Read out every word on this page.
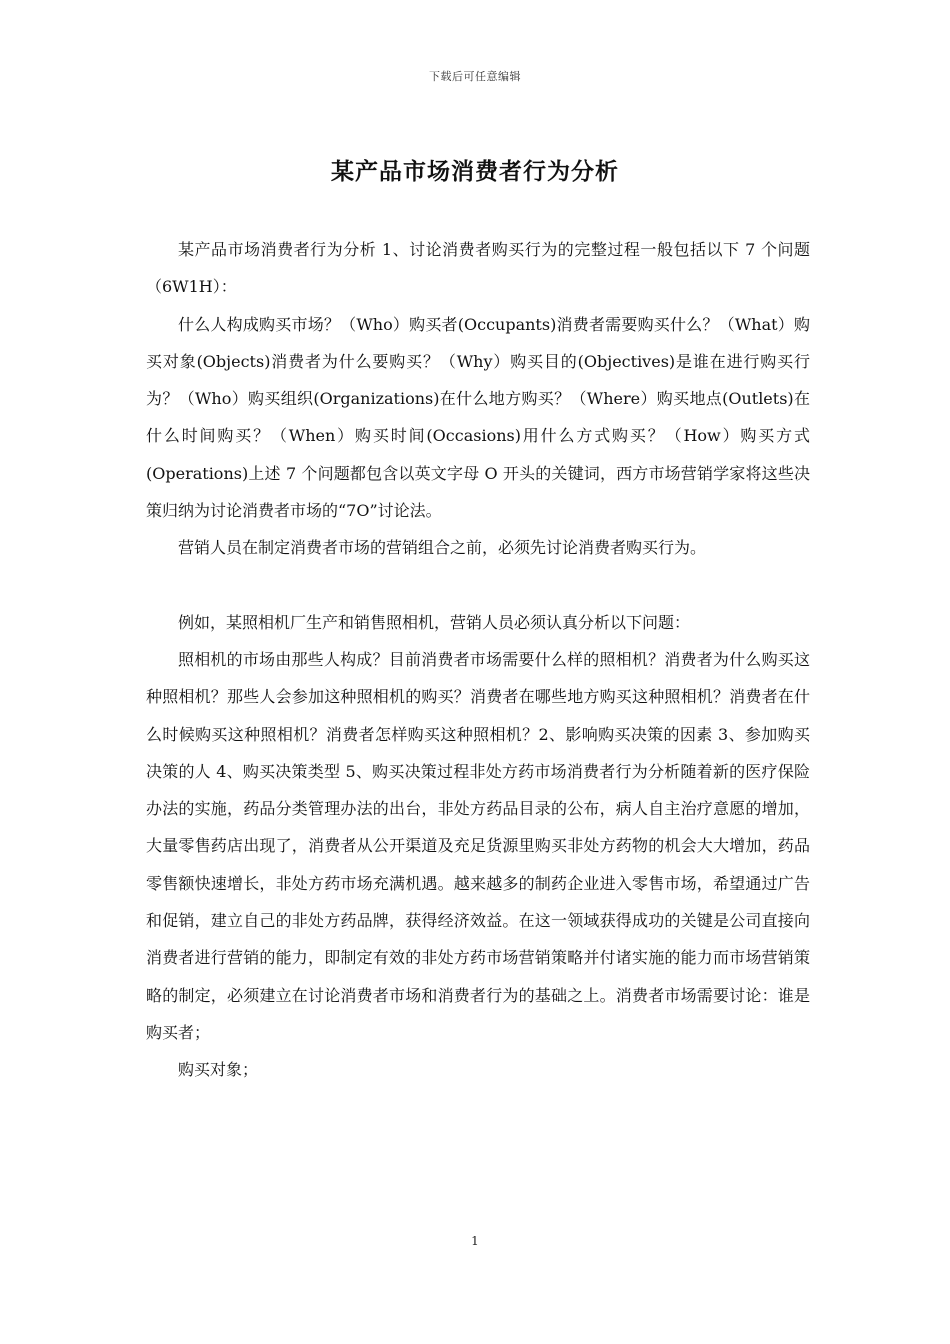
下载后可任意编辑
某产品市场消费者行为分析

某产品市场消费者行为分析 1、讨论消费者购买行为的完整过程一般包括以下 7 个问题（6W1H）：

什么人构成购买市场？（Who）购买者(Occupants)消费者需要购买什么？（What）购买对象(Objects)消费者为什么要购买？（Why）购买目的(Objectives)是谁在进行购买行为？（Who）购买组织(Organizations)在什么地方购买？（Where）购买地点(Outlets)在什么时间购买？（When）购买时间(Occasions)用什么方式购买？（How）购买方式(Operations)上述 7 个问题都包含以英文字母 O 开头的关键词，西方市场营销学家将这些决策归纳为讨论消费者市场的“7O”讨论法。

营销人员在制定消费者市场的营销组合之前，必须先讨论消费者购买行为。

例如，某照相机厂生产和销售照相机，营销人员必须认真分析以下问题：

照相机的市场由那些人构成？目前消费者市场需要什么样的照相机？消费者为什么购买这种照相机？那些人会参加这种照相机的购买？消费者在哪些地方购买这种照相机？消费者在什么时候购买这种照相机？消费者怎样购买这种照相机？2、影响购买决策的因素 3、参加购买决策的人 4、购买决策类型 5、购买决策过程非处方药市场消费者行为分析随着新的医疗保险办法的实施，药品分类管理办法的出台，非处方药品目录的公布，病人自主治疗意愿的增加，大量零售药店出现了，消费者从公开渠道及充足货源里购买非处方药物的机会大大增加，药品零售额快速增长，非处方药市场充满机遇。越来越多的制药企业进入零售市场，希望通过广告和促销，建立自己的非处方药品牌，获得经济效益。在这一领域获得成功的关键是公司直接向消费者进行营销的能力，即制定有效的非处方药市场营销策略并付诸实施的能力而市场营销策略的制定，必须建立在讨论消费者市场和消费者行为的基础之上。消费者市场需要讨论：谁是购买者；

购买对象；

1
